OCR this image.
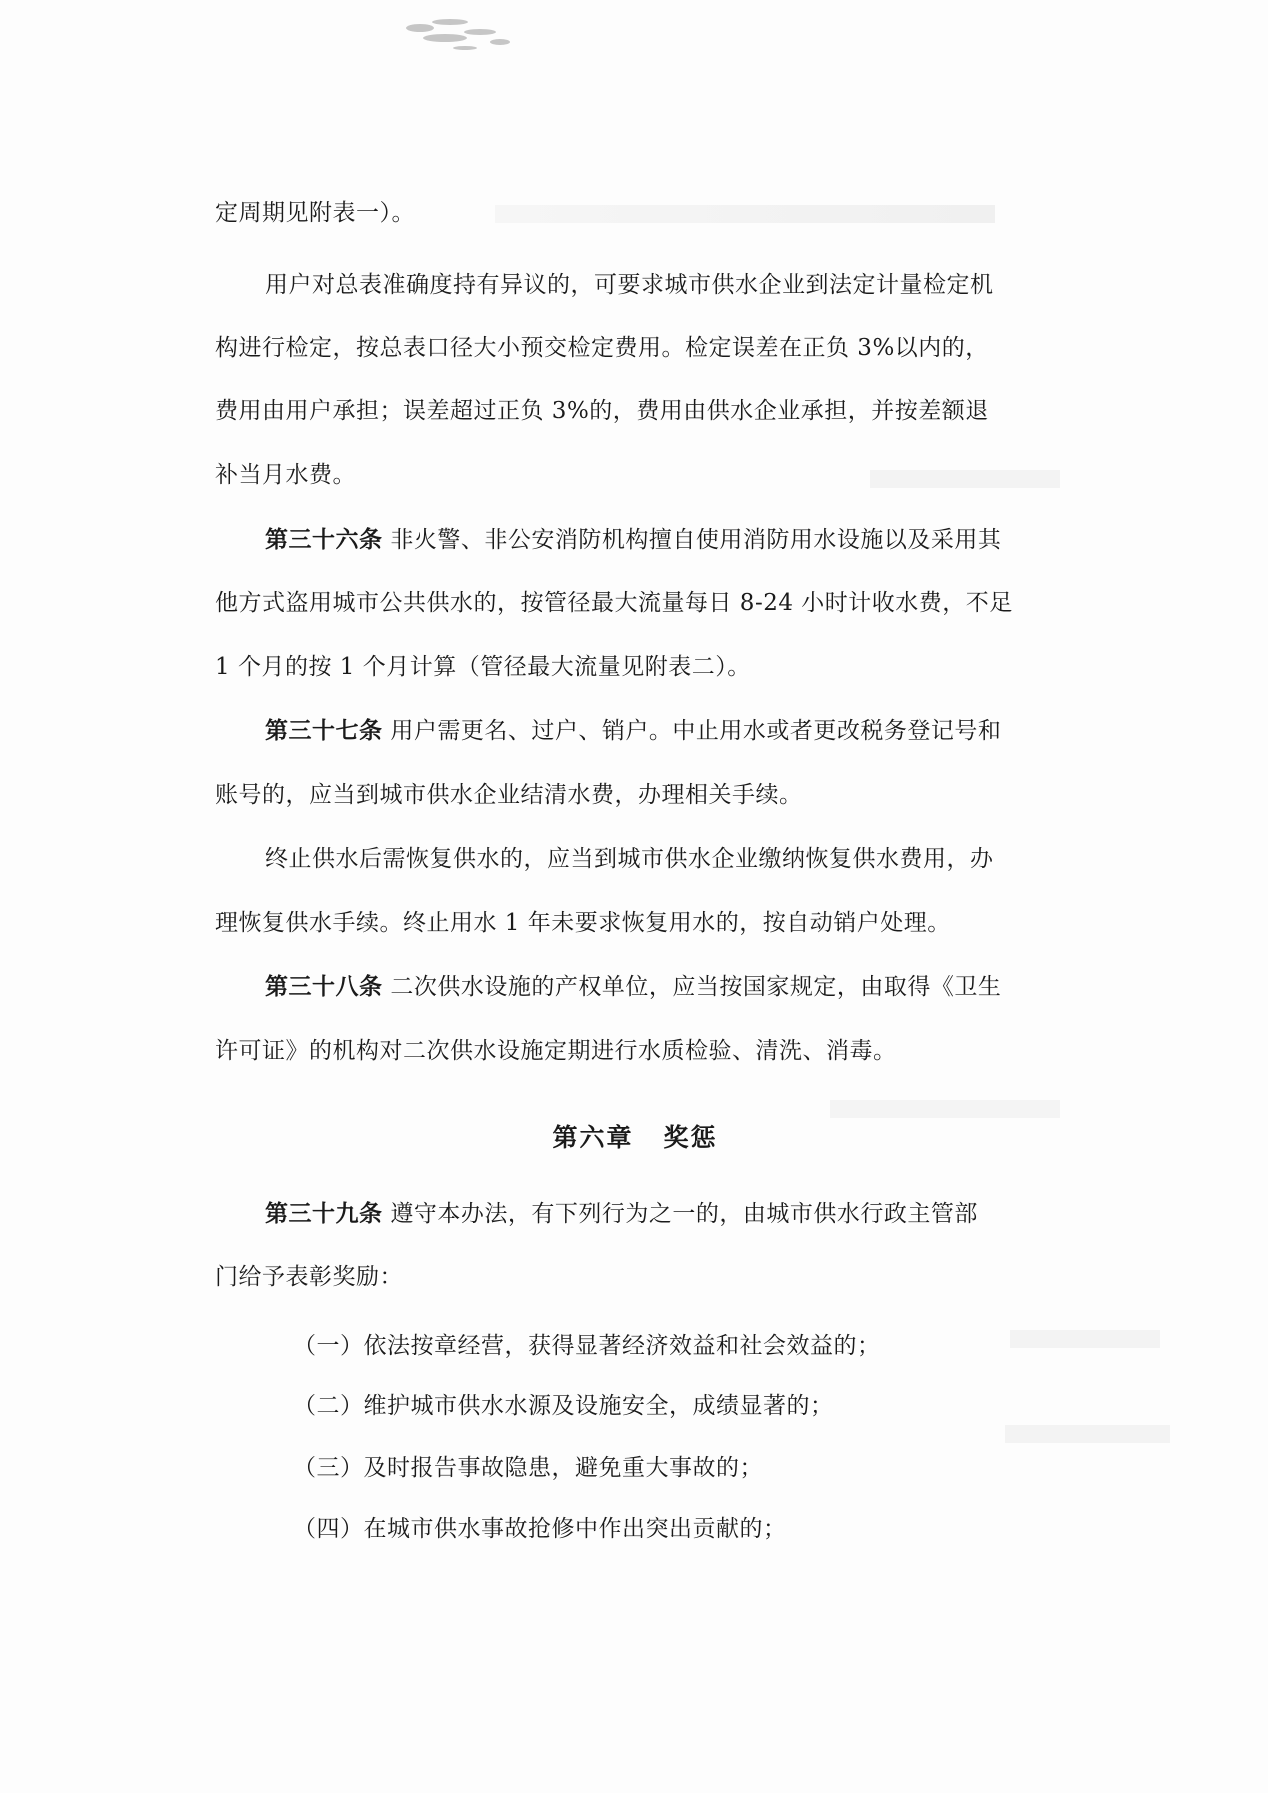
定周期见附表一）。
用户对总表准确度持有异议的，可要求城市供水企业到法定计量检定机
构进行检定，按总表口径大小预交检定费用。检定误差在正负 3%以内的，
费用由用户承担；误差超过正负 3%的，费用由供水企业承担，并按差额退
补当月水费。
第三十六条 非火警、非公安消防机构擅自使用消防用水设施以及采用其
他方式盗用城市公共供水的，按管径最大流量每日 8-24 小时计收水费，不足
1 个月的按 1 个月计算（管径最大流量见附表二）。
第三十七条 用户需更名、过户、销户。中止用水或者更改税务登记号和
账号的，应当到城市供水企业结清水费，办理相关手续。
终止供水后需恢复供水的，应当到城市供水企业缴纳恢复供水费用，办
理恢复供水手续。终止用水 1 年未要求恢复用水的，按自动销户处理。
第三十八条 二次供水设施的产权单位，应当按国家规定，由取得《卫生
许可证》的机构对二次供水设施定期进行水质检验、清洗、消毒。
第六章 奖惩
第三十九条 遵守本办法，有下列行为之一的，由城市供水行政主管部
门给予表彰奖励：
（一）依法按章经营，获得显著经济效益和社会效益的；
（二）维护城市供水水源及设施安全，成绩显著的；
（三）及时报告事故隐患，避免重大事故的；
（四）在城市供水事故抢修中作出突出贡献的；
